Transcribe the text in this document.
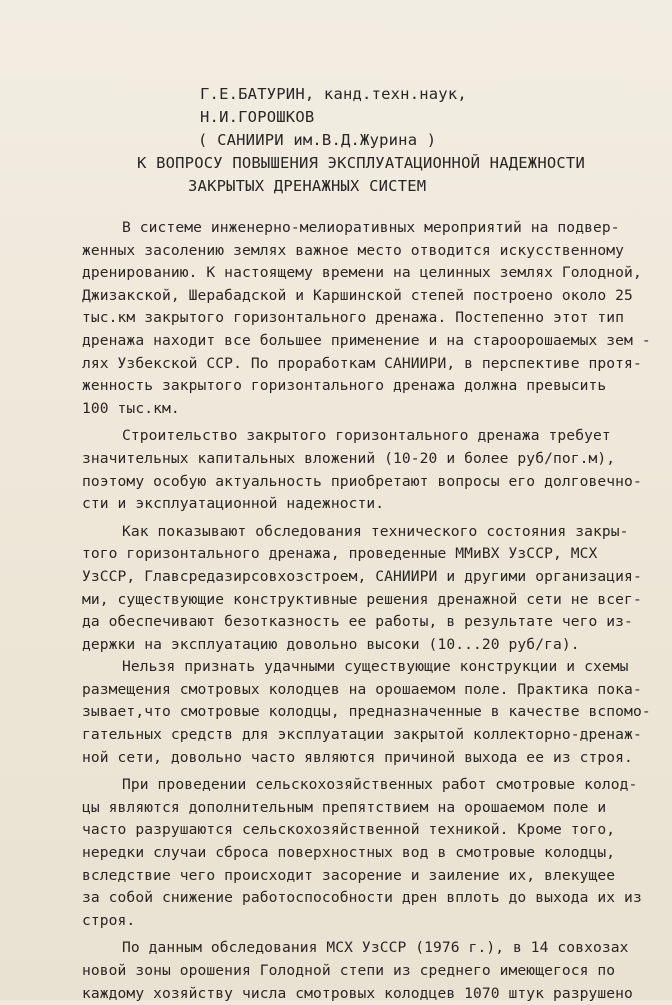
Г.Е.БАТУРИН, канд.техн.наук,
Н.И.ГОРОШКОВ
( САНИИРИ им.В.Д.Журина )
К ВОПРОСУ ПОВЫШЕНИЯ ЭКСПЛУАТАЦИОННОЙ НАДЕЖНОСТИ
ЗАКРЫТЫХ ДРЕНАЖНЫХ СИСТЕМ
В системе инженерно-мелиоративных мероприятий на подвер-
женных засолению землях важное место отводится искусственному
дренированию. К настоящему времени на целинных землях Голодной,
Джизакской, Шерабадской и Каршинской степей построено около 25
тыс.км закрытого горизонтального дренажа. Постепенно этот тип
дренажа находит все большее применение и на староорошаемых зем -
лях Узбекской ССР. По проработкам САНИИРИ, в перспективе протя-
женность закрытого горизонтального дренажа должна превысить
100 тыс.км.
Строительство закрытого горизонтального дренажа требует
значительных капитальных вложений (10-20 и более руб/пог.м),
поэтому особую актуальность приобретают вопросы его долговечно-
сти и эксплуатационной надежности.
Как показывают обследования технического состояния закры-
того горизонтального дренажа, проведенные ММиВХ УзССР, МСХ
УзССР, Главсредазирсовхозстроем, САНИИРИ и другими организация-
ми, существующие конструктивные решения дренажной сети не всег-
да обеспечивают безотказность ее работы, в результате чего из-
держки на эксплуатацию довольно высоки (10...20 руб/га).
Нельзя признать удачными существующие конструкции и схемы
размещения смотровых колодцев на орошаемом поле. Практика пока-
зывает,что смотровые колодцы, предназначенные в качестве вспомо-
гательных средств для эксплуатации закрытой коллекторно-дренаж-
ной сети, довольно часто являются причиной выхода ее из строя.
При проведении сельскохозяйственных работ смотровые колод-
цы являются дополнительным препятствием на орошаемом поле и
часто разрушаются сельскохозяйственной техникой. Кроме того,
нередки случаи сброса поверхностных вод в смотровые колодцы,
вследствие чего происходит засорение и заиление их, влекущее
за собой снижение работоспособности дрен вплоть до выхода их из
строя.
По данным обследования МСХ УзССР (1976 г.), в 14 совхозах
новой зоны орошения Голодной степи из среднего имеющегося по
каждому хозяйству числа смотровых колодцев 1070 штук разрушено
